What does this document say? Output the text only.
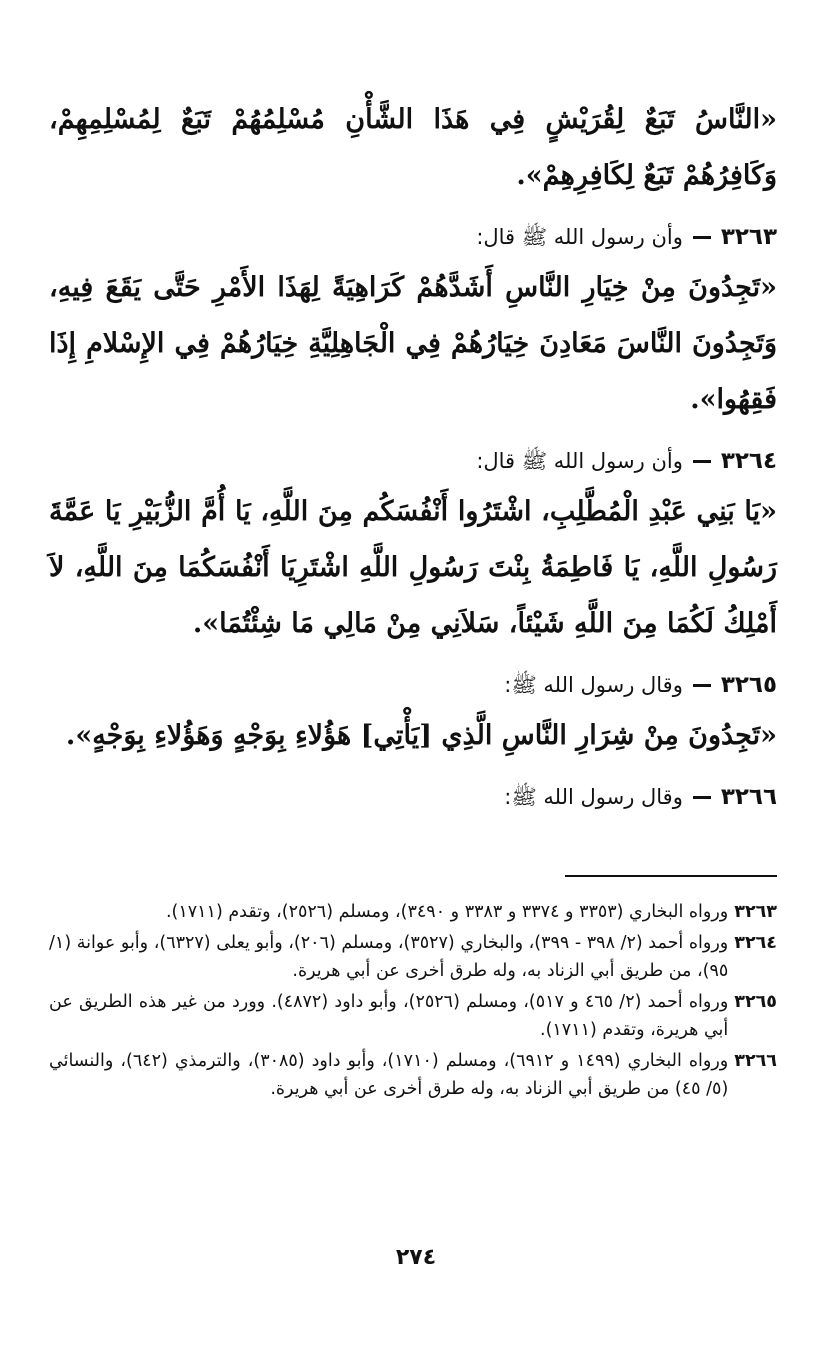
«النَّاسُ تَبَعٌ لِقُرَيْشٍ فِي هَذَا الشَّأْنِ مُسْلِمُهُمْ تَبَعٌ لِمُسْلِمِهِمْ، وَكَافِرُهُمْ تَبَعٌ لِكَافِرِهِمْ».

٣٢٦٣
وأن رسول الله ﷺ قال:

«تَجِدُونَ مِنْ خِيَارِ النَّاسِ أَشَدَّهُمْ كَرَاهِيَةً لِهَذَا الأَمْرِ حَتَّى يَقَعَ فِيهِ، وَتَجِدُونَ النَّاسَ مَعَادِنَ خِيَارُهُمْ فِي الْجَاهِلِيَّةِ خِيَارُهُمْ فِي الإِسْلامِ إِذَا فَقِهُوا».

٣٢٦٤
وأن رسول الله ﷺ قال:

«يَا بَنِي عَبْدِ الْمُطَّلِبِ، اشْتَرُوا أَنْفُسَكُم مِنَ اللَّهِ، يَا أُمَّ الزُّبَيْرِ يَا عَمَّةَ رَسُولِ اللَّهِ، يَا فَاطِمَةُ بِنْتَ رَسُولِ اللَّهِ اشْتَرِيَا أَنْفُسَكُمَا مِنَ اللَّهِ، لاَ أَمْلِكُ لَكُمَا مِنَ اللَّهِ شَيْئاً، سَلاَنِي مِنْ مَالِي مَا شِئْتُمَا».

٣٢٦٥
وقال رسول الله ﷺ:

«تَجِدُونَ مِنْ شِرَارِ النَّاسِ الَّذِي [يَأْتِي] هَؤُلاءِ بِوَجْهٍ وَهَؤُلاءِ بِوَجْهٍ».

٣٢٦٦
وقال رسول الله ﷺ:
٣٢٦٣
ورواه البخاري (٣٣٥٣ و ٣٣٧٤ و ٣٣٨٣ و ٣٤٩٠)، ومسلم (٢٥٢٦)، وتقدم (١٧١١).
٣٢٦٤
ورواه أحمد (٢/ ٣٩٨ - ٣٩٩)، والبخاري (٣٥٢٧)، ومسلم (٢٠٦)، وأبو يعلى (٦٣٢٧)، وأبو عوانة (١/ ٩٥)، من طريق أبي الزناد به، وله طرق أخرى عن أبي هريرة.
٣٢٦٥
ورواه أحمد (٢/ ٤٦٥ و ٥١٧)، ومسلم (٢٥٢٦)، وأبو داود (٤٨٧٢). وورد من غير هذه الطريق عن أبي هريرة، وتقدم (١٧١١).
٣٢٦٦
ورواه البخاري (١٤٩٩ و ٦٩١٢)، ومسلم (١٧١٠)، وأبو داود (٣٠٨٥)، والترمذي (٦٤٢)، والنسائي (٥/ ٤٥) من طريق أبي الزناد به، وله طرق أخرى عن أبي هريرة.
٢٧٤
